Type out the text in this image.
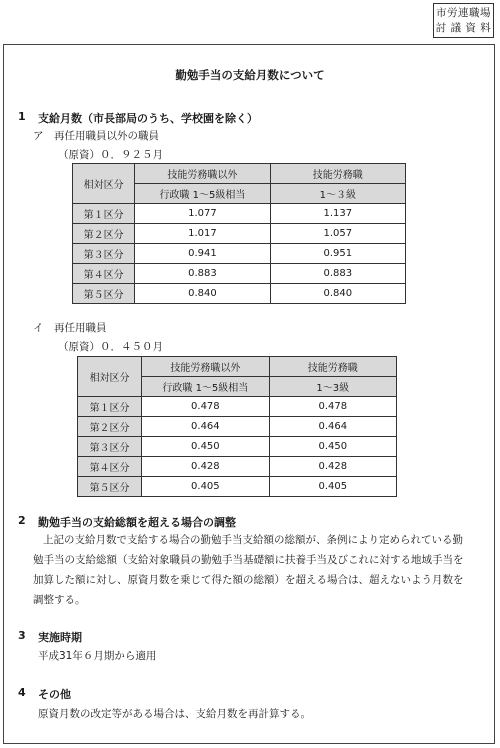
市労連職場
討 議 資 料
勤勉手当の支給月数について
1 支給月数（市長部局のうち、学校園を除く）
ア　再任用職員以外の職員
（原資）０．９２５月
相対区分	技能労務職以外	技能労務職
	行政職 1～5級相当	1～３級
第１区分	1.077	1.137
第２区分	1.017	1.057
第３区分	0.941	0.951
第４区分	0.883	0.883
第５区分	0.840	0.840
イ　再任用職員
（原資）０．４５０月
相対区分	技能労務職以外	技能労務職
	行政職 1～5級相当	1～3級
第１区分	0.478	0.478
第２区分	0.464	0.464
第３区分	0.450	0.450
第４区分	0.428	0.428
第５区分	0.405	0.405
2 勤勉手当の支給総額を超える場合の調整
上記の支給月数で支給する場合の勤勉手当支給額の総額が、条例により定められている勤
勉手当の支給総額（支給対象職員の勤勉手当基礎額に扶養手当及びこれに対する地域手当を
加算した額に対し、原資月数を乗じて得た額の総額）を超える場合は、超えないよう月数を
調整する。
3 実施時期
平成31年６月期から適用
4 その他
原資月数の改定等がある場合は、支給月数を再計算する。
